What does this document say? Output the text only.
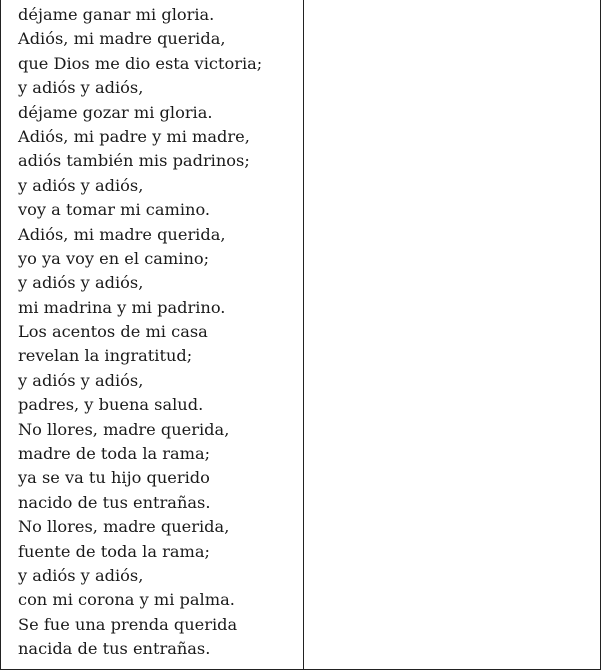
déjame ganar mi gloria.
Adiós, mi madre querida,
que Dios me dio esta victoria;
y adiós y adiós,
déjame gozar mi gloria.
Adiós, mi padre y mi madre,
adiós también mis padrinos;
y adiós y adiós,
voy a tomar mi camino.
Adiós, mi madre querida,
yo ya voy en el camino;
y adiós y adiós,
mi madrina y mi padrino.
Los acentos de mi casa
revelan la ingratitud;
y adiós y adiós,
padres, y buena salud.
No llores, madre querida,
madre de toda la rama;
ya se va tu hijo querido
nacido de tus entrañas.
No llores, madre querida,
fuente de toda la rama;
y adiós y adiós,
con mi corona y mi palma.
Se fue una prenda querida
nacida de tus entrañas.
